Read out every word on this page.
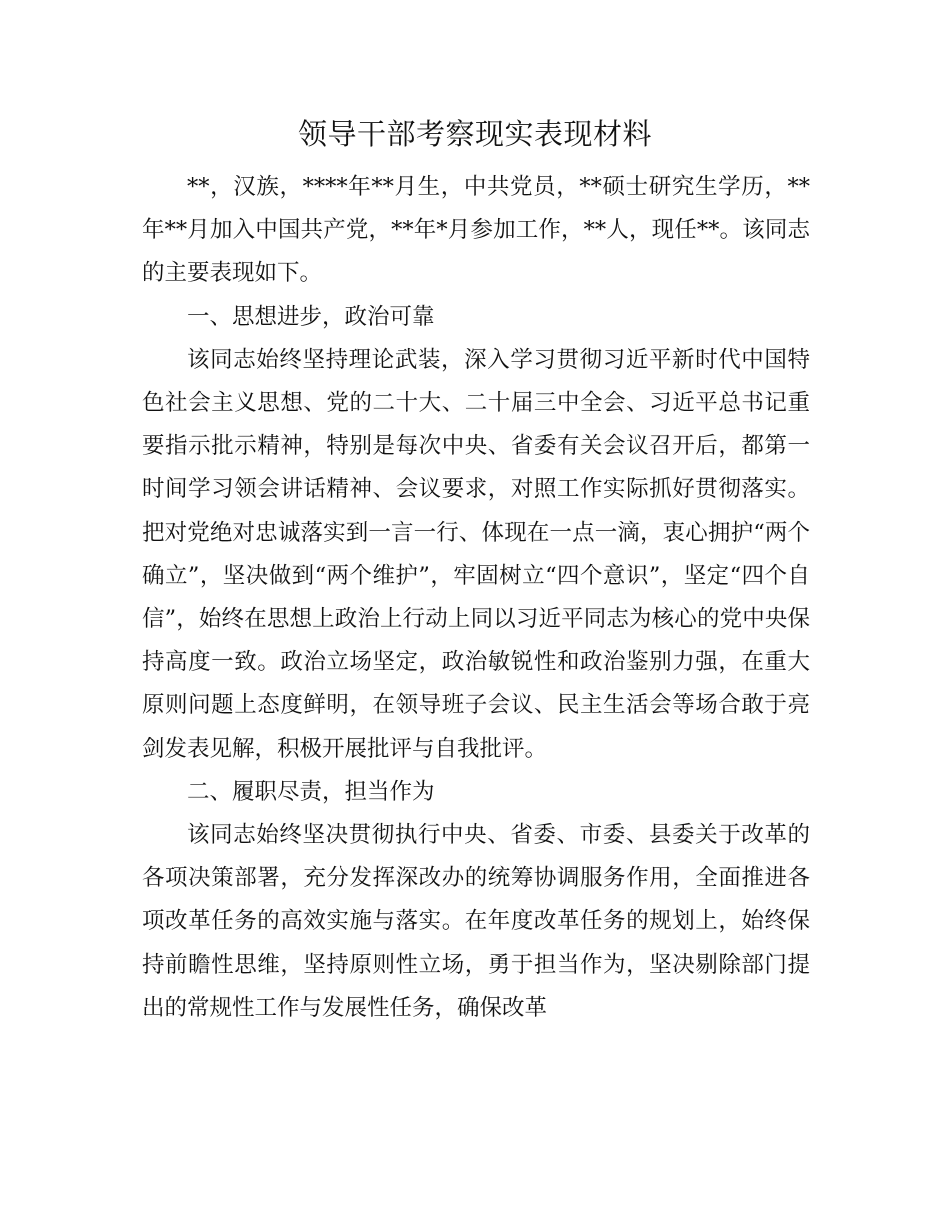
领导干部考察现实表现材料

**，汉族，****年**月生，中共党员，**硕士研究生学历，**年**月加入中国共产党，**年*月参加工作，**人，现任**。该同志的主要表现如下。

一、思想进步，政治可靠

该同志始终坚持理论武装，深入学习贯彻习近平新时代中国特色社会主义思想、党的二十大、二十届三中全会、习近平总书记重要指示批示精神，特别是每次中央、省委有关会议召开后，都第一时间学习领会讲话精神、会议要求，对照工作实际抓好贯彻落实。把对党绝对忠诚落实到一言一行、体现在一点一滴，衷心拥护“两个确立”，坚决做到“两个维护”，牢固树立“四个意识”，坚定“四个自信”，始终在思想上政治上行动上同以习近平同志为核心的党中央保持高度一致。政治立场坚定，政治敏锐性和政治鉴别力强，在重大原则问题上态度鲜明，在领导班子会议、民主生活会等场合敢于亮剑发表见解，积极开展批评与自我批评。

二、履职尽责，担当作为

该同志始终坚决贯彻执行中央、省委、市委、县委关于改革的各项决策部署，充分发挥深改办的统筹协调服务作用，全面推进各项改革任务的高效实施与落实。在年度改革任务的规划上，始终保持前瞻性思维，坚持原则性立场，勇于担当作为，坚决剔除部门提出的常规性工作与发展性任务，确保改革
